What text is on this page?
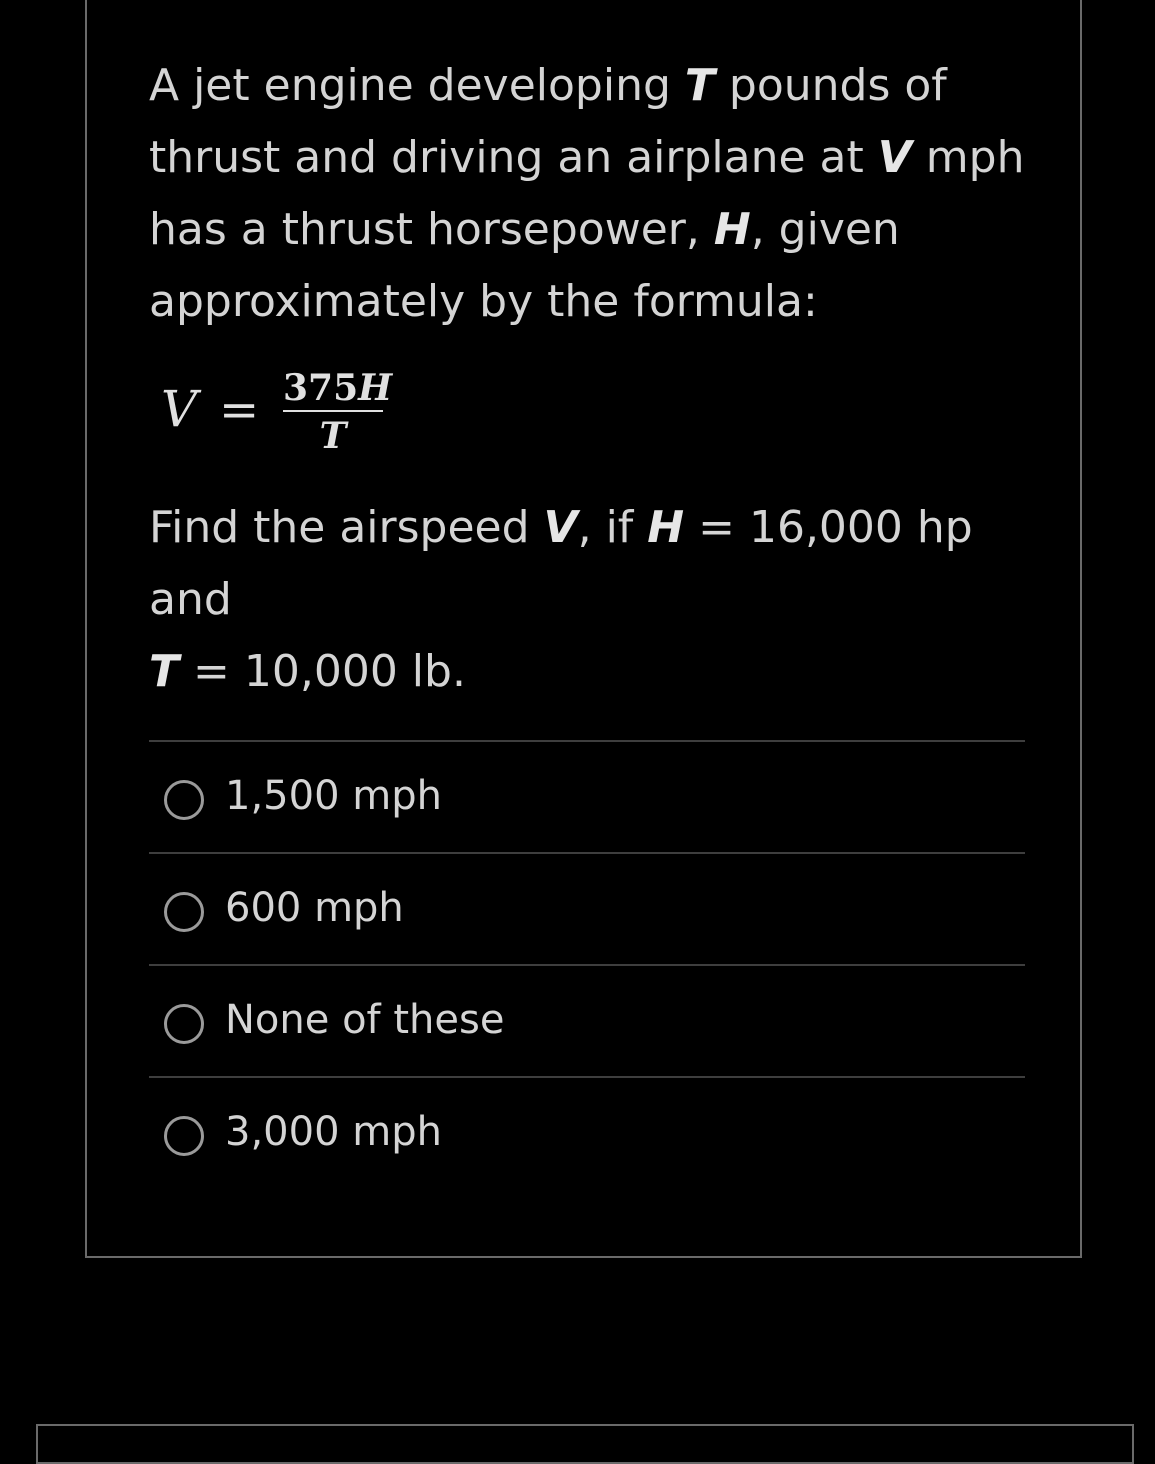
A jet engine developing T pounds of
thrust and driving an airplane at V mph
has a thrust horsepower, H, given
approximately by the formula:
V = 375H
T
Find the airspeed V, if H = 16,000 hp and
T = 10,000 lb.
1,500 mph
600 mph
None of these
3,000 mph
